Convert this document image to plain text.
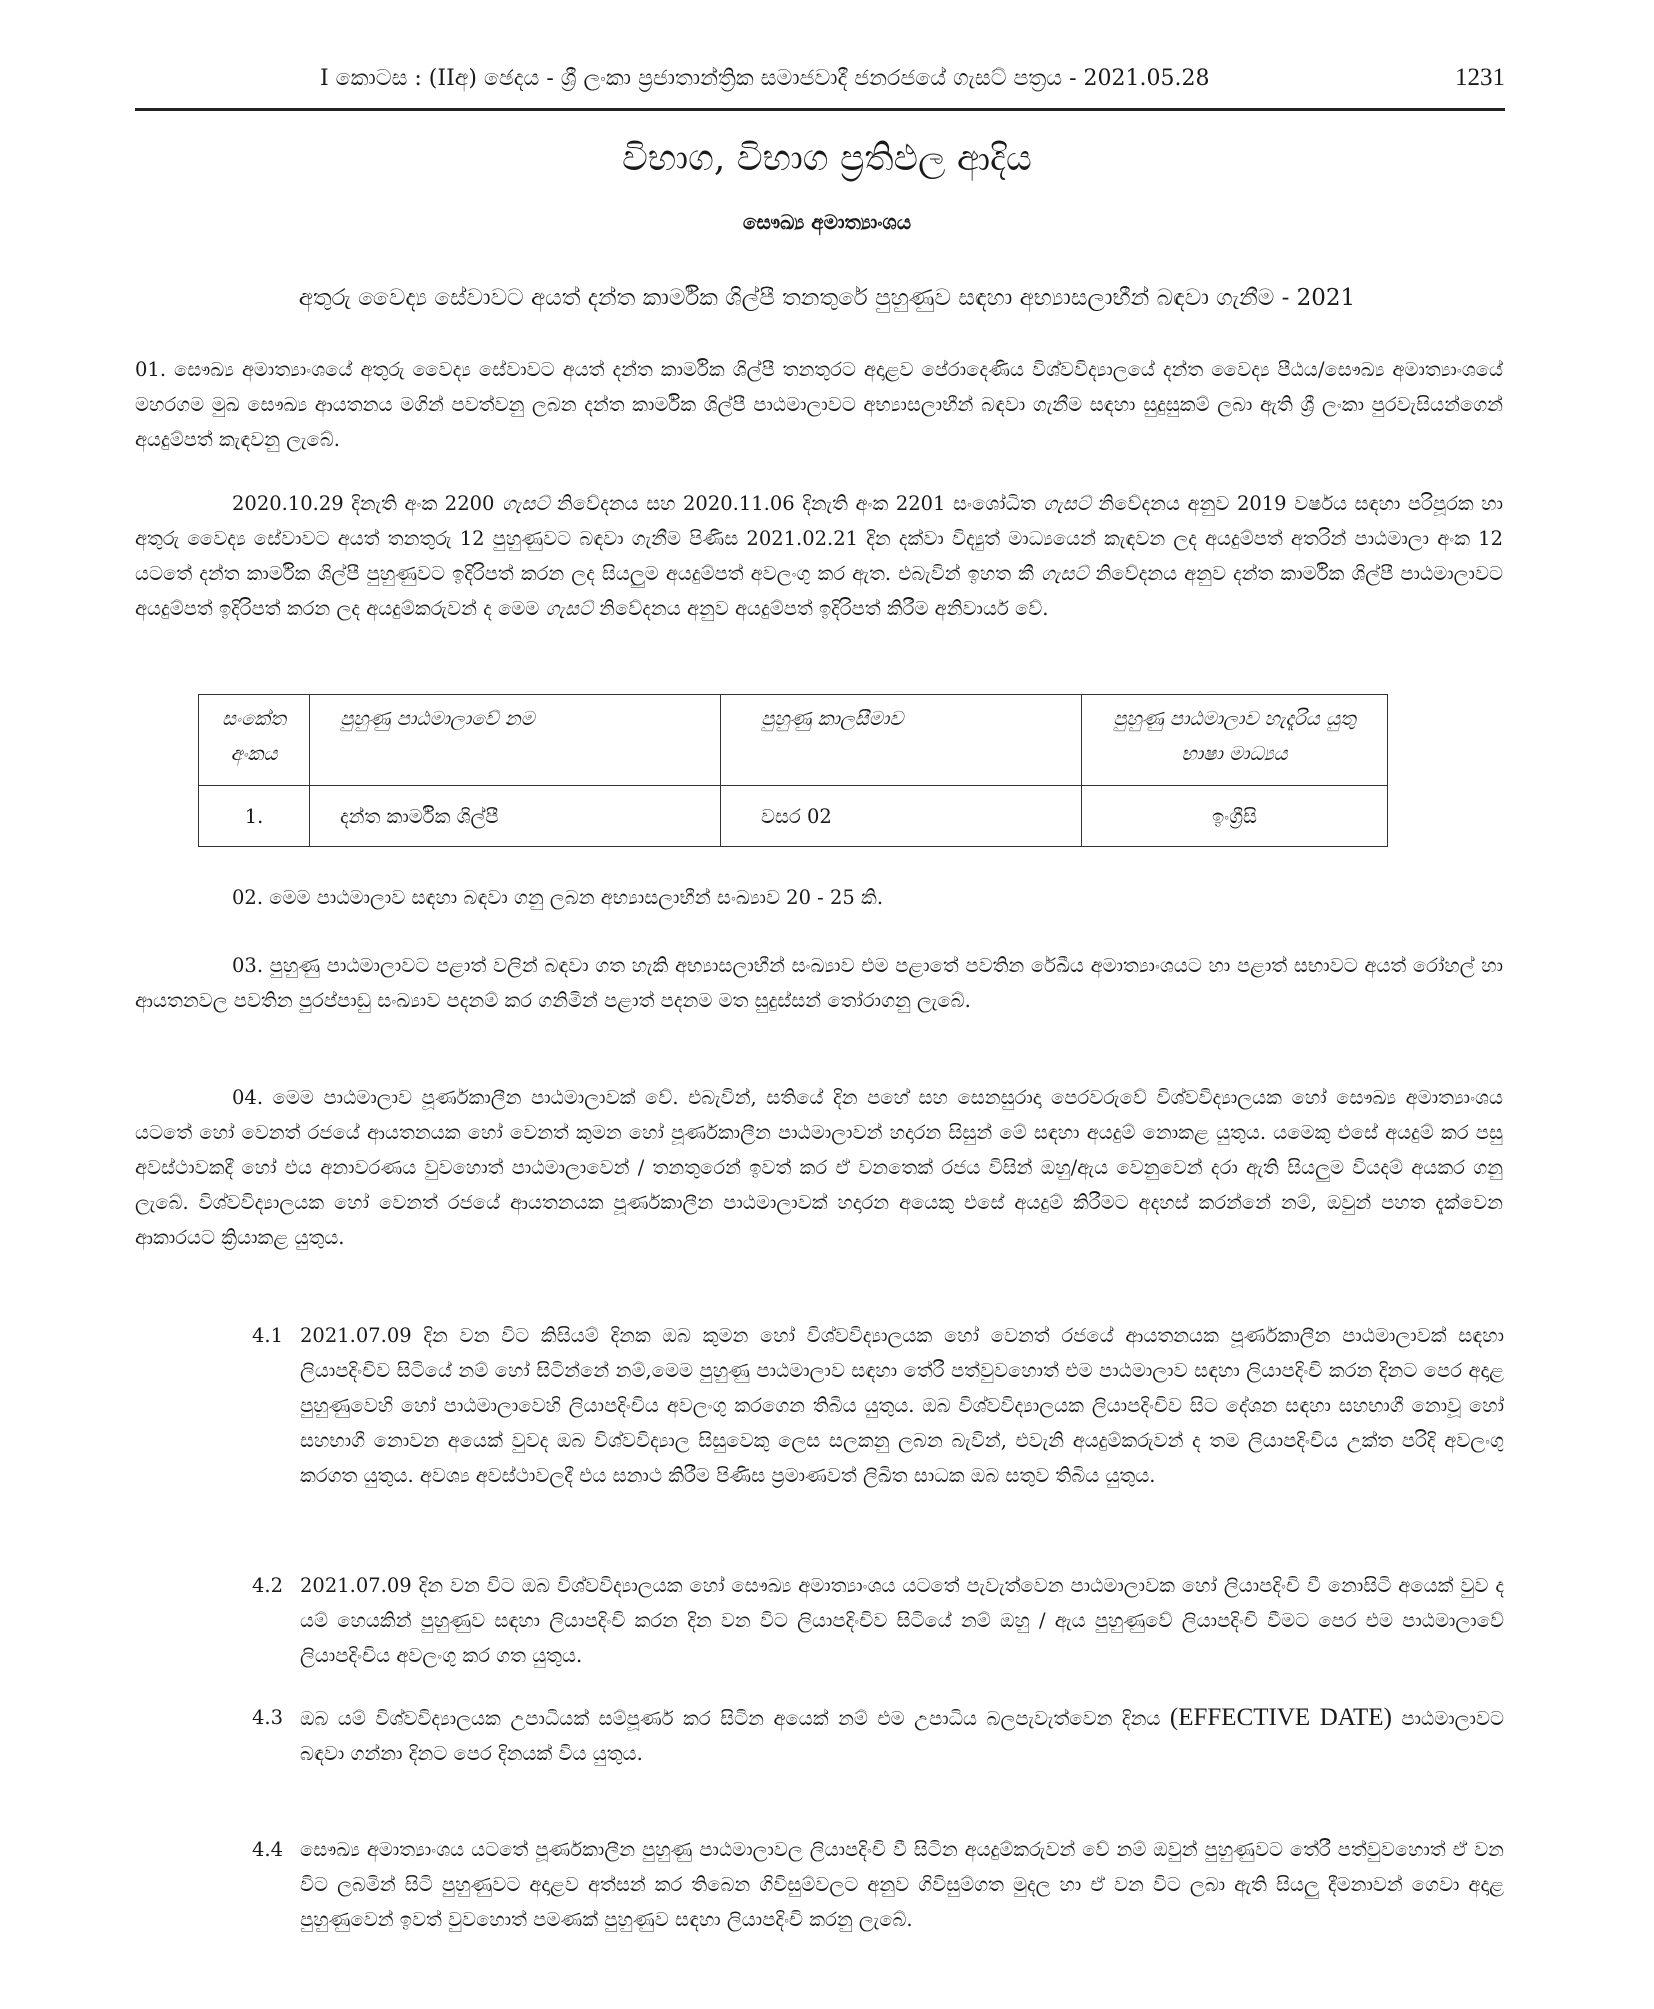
I කොටස : (IIඅ) ඡෙදය - ශ්‍රී ලංකා ප්‍රජාතාන්ත්‍රික සමාජවාදී ජනරජයේ ගැසට් පත්‍රය - 2021.05.28	1231
විභාග, විභාග ප්‍රතිඵල ආදිය
සෞඛ්‍ය අමාත්‍යාංශය
අතුරු වෛද්‍ය සේවාවට අයත් දන්ත කාර්මික ශිල්පී තනතුරේ පුහුණුව සඳහා අභ්‍යාසලාභීන් බඳවා ගැනීම - 2021

01. සෞඛ්‍ය අමාත්‍යාංශයේ අතුරු වෛද්‍ය සේවාවට අයත් දන්ත කාර්මික ශිල්පී තනතුරට අදාළව පේරාදෙණිය විශ්වවිද්‍යාලයේ දන්ත වෛද්‍ය පීඨය/සෞඛ්‍ය අමාත්‍යාංශයේ මහරගම මුඛ සෞඛ්‍ය ආයතනය මගින් පවත්වනු ලබන දන්ත කාර්මික ශිල්පී පාඨමාලාවට අභ්‍යාසලාභීන් බඳවා ගැනීම සඳහා සුදුසුකම් ලබා ඇති ශ්‍රී ලංකා පුරවැසියන්ගෙන් අයදුම්පත් කැඳවනු ලැබේ.

2020.10.29 දිනැති අංක 2200 ගැසට් නිවේදනය සහ 2020.11.06 දිනැති අංක 2201 සංශෝධිත ගැසට් නිවේදනය අනුව 2019 වර්ෂය සඳහා පරිපූරක හා අතුරු වෛද්‍ය සේවාවට අයත් තනතුරු 12 පුහුණුවට බඳවා ගැනීම පිණිස 2021.02.21 දින දක්වා විද්‍යුත් මාධ්‍යයෙන් කැඳවන ලද අයදුම්පත් අතරින් පාඨමාලා අංක 12 යටතේ දන්ත කාර්මික ශිල්පී පුහුණුවට ඉදිරිපත් කරන ලද සියලුම අයදුම්පත් අවලංගු කර ඇත. එබැවින් ඉහත කී ගැසට් නිවේදනය අනුව දන්ත කාර්මික ශිල්පී පාඨමාලාවට අයදුම්පත් ඉදිරිපත් කරන ලද අයදුම්කරුවන් ද මෙම ගැසට් නිවේදනය අනුව අයදුම්පත් ඉදිරිපත් කිරීම අනිවාර්ය වේ.

සංකේත අංකය	පුහුණු පාඨමාලාවේ නම	පුහුණු කාලසීමාව	පුහුණු පාඨමාලාව හැදෑරිය යුතු භාෂා මාධ්‍යය
1.	දන්ත කාර්මික ශිල්පී	වසර 02	ඉංග්‍රීසි

02. මෙම පාඨමාලාව සඳහා බඳවා ගනු ලබන අභ්‍යාසලාභීන් සංඛ්‍යාව 20 - 25 කි.

03. පුහුණු පාඨමාලාවට පළාත් වලින් බඳවා ගත හැකි අභ්‍යාසලාභීන් සංඛ්‍යාව එම පළාතේ පවතින රේඛීය අමාත්‍යාංශයට හා පළාත් සභාවට අයත් රෝහල් හා ආයතනවල පවතින පුරප්පාඩු සංඛ්‍යාව පදනම් කර ගනිමින් පළාත් පදනම මත සුදුස්සන් තෝරාගනු ලැබේ.

04. මෙම පාඨමාලාව පූර්ණකාලීන පාඨමාලාවක් වේ. එබැවින්, සතියේ දින පහේ සහ සෙනසුරාදා පෙරවරුවේ විශ්වවිද්‍යාලයක හෝ සෞඛ්‍ය අමාත්‍යාංශය යටතේ හෝ වෙනත් රජයේ ආයතනයක හෝ වෙනත් කුමන හෝ පූර්ණකාලීන පාඨමාලාවන් හදාරන සිසුන් මේ සඳහා අයදුම් නොකළ යුතුය. යමෙකු එසේ අයදුම් කර පසු අවස්ථාවකදී හෝ එය අනාවරණය වුවහොත් පාඨමාලාවෙන් / තනතුරෙන් ඉවත් කර ඒ වනතෙක් රජය විසින් ඔහු/ඇය වෙනුවෙන් දරා ඇති සියලුම වියදම් අයකර ගනු ලැබේ. විශ්වවිද්‍යාලයක හෝ වෙනත් රජයේ ආයතනයක පූර්ණකාලීන පාඨමාලාවක් හදාරන අයෙකු එසේ අයදුම් කිරීමට අදහස් කරන්නේ නම්, ඔවුන් පහත දැක්වෙන ආකාරයට ක්‍රියාකළ යුතුය.

4.1 2021.07.09 දින වන විට කිසියම් දිනක ඔබ කුමන හෝ විශ්වවිද්‍යාලයක හෝ වෙනත් රජයේ ආයතනයක පූර්ණකාලීන පාඨමාලාවක් සඳහා ලියාපදිංචිව සිටියේ නම් හෝ සිටින්නේ නම්,මෙම පුහුණු පාඨමාලාව සඳහා තේරී පත්වුවහොත් එම පාඨමාලාව සඳහා ලියාපදිංචි කරන දිනට පෙර අදාළ පුහුණුවෙහි හෝ පාඨමාලාවෙහි ලියාපදිංචිය අවලංගු කරගෙන තිබිය යුතුය. ඔබ විශ්වවිද්‍යාලයක ලියාපදිංචිව සිට දේශන සඳහා සහභාගී නොවූ හෝ සහභාගී නොවන අයෙක් වුවද ඔබ විශ්වවිද්‍යාල සිසුවෙකු ලෙස සලකනු ලබන බැවින්, එවැනි අයදුම්කරුවන් ද තම ලියාපදිංචිය උක්ත පරිදි අවලංගු කරගත යුතුය. අවශ්‍ය අවස්ථාවලදී එය සනාථ කිරීම පිණිස ප්‍රමාණවත් ලිඛිත සාධක ඔබ සතුව තිබිය යුතුය.
4.2 2021.07.09 දින වන විට ඔබ විශ්වවිද්‍යාලයක හෝ සෞඛ්‍ය අමාත්‍යාංශය යටතේ පැවැත්වෙන පාඨමාලාවක හෝ ලියාපදිංචි වී නොසිටි අයෙක් වුව ද යම් හෙයකින් පුහුණුව සඳහා ලියාපදිංචි කරන දින වන විට ලියාපදිංචිව සිටියේ නම් ඔහු / ඇය පුහුණුවේ ලියාපදිංචි වීමට පෙර එම පාඨමාලාවේ ලියාපදිංචිය අවලංගු කර ගත යුතුය.
4.3 ඔබ යම් විශ්වවිද්‍යාලයක උපාධියක් සම්පූර්ණ කර සිටින අයෙක් නම් එම උපාධිය බලපැවැත්වෙන දිනය (EFFECTIVE DATE) පාඨමාලාවට බඳවා ගන්නා දිනට පෙර දිනයක් විය යුතුය.
4.4 සෞඛ්‍ය අමාත්‍යාංශය යටතේ පූර්ණකාලීන පුහුණු පාඨමාලාවල ලියාපදිංචි වී සිටින අයදුම්කරුවන් වේ නම් ඔවුන් පුහුණුවට තේරී පත්වුවහොත් ඒ වන විට ලබමින් සිටි පුහුණුවට අදාළව අත්සන් කර තිබෙන ගිවිසුම්වලට අනුව ගිවිසුම්ගත මුදල හා ඒ වන විට ලබා ඇති සියලු දීමනාවන් ගෙවා අදාළ පුහුණුවෙන් ඉවත් වුවහොත් පමණක් පුහුණුව සඳහා ලියාපදිංචි කරනු ලැබේ.
